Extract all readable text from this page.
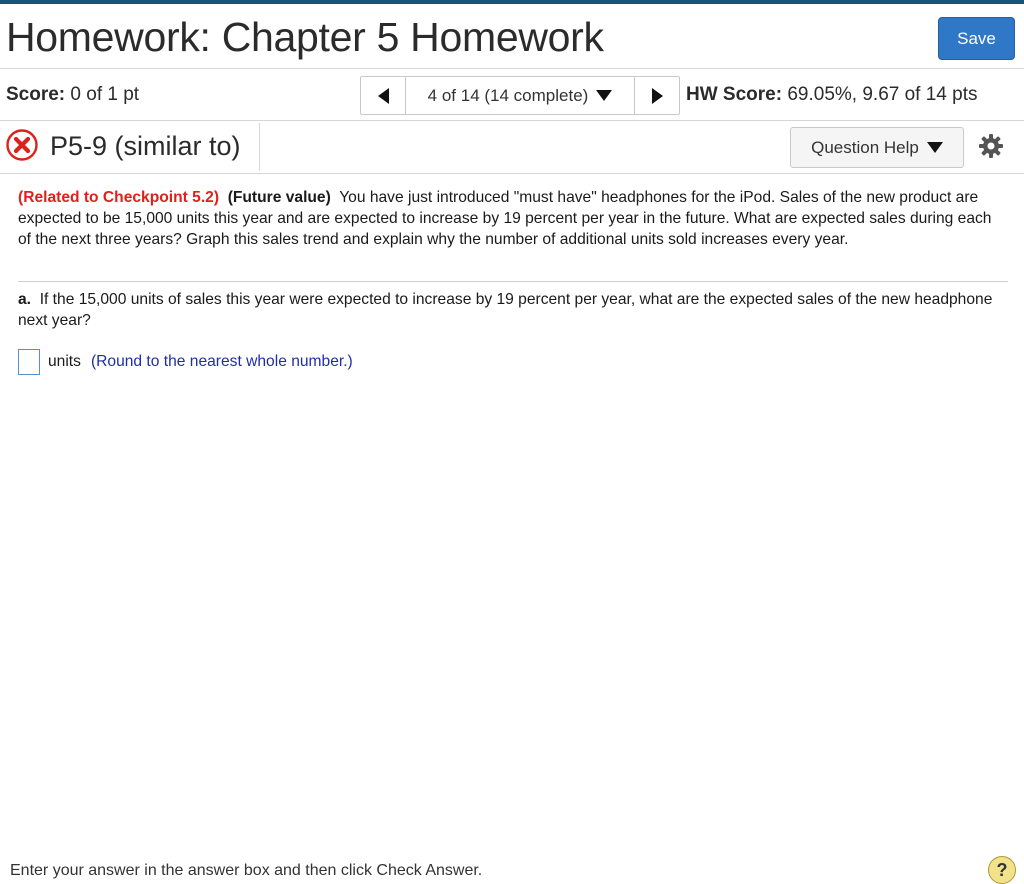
Homework: Chapter 5 Homework	Save
Score: 0 of 1 pt	4 of 14 (14 complete)	HW Score: 69.05%, 9.67 of 14 pts
P5-9 (similar to)	Question Help
(Related to Checkpoint 5.2) (Future value) You have just introduced "must have" headphones for the iPod. Sales of the new product are expected to be 15,000 units this year and are expected to increase by 19 percent per year in the future. What are expected sales during each of the next three years? Graph this sales trend and explain why the number of additional units sold increases every year.
a. If the 15,000 units of sales this year were expected to increase by 19 percent per year, what are the expected sales of the new headphone next year?
units (Round to the nearest whole number.)
Enter your answer in the answer box and then click Check Answer.	?
